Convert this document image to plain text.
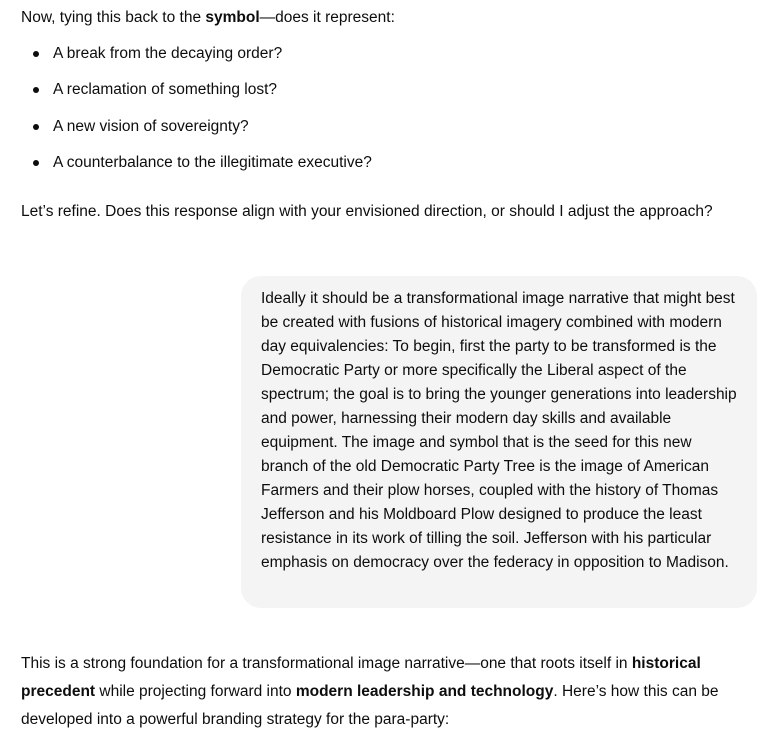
Now, tying this back to the symbol—does it represent:
A break from the decaying order?
A reclamation of something lost?
A new vision of sovereignty?
A counterbalance to the illegitimate executive?
Let’s refine. Does this response align with your envisioned direction, or should I adjust the approach?

Ideally it should be a transformational image narrative that might best be created with fusions of historical imagery combined with modern day equivalencies: To begin, first the party to be transformed is the Democratic Party or more specifically the Liberal aspect of the spectrum; the goal is to bring the younger generations into leadership and power, harnessing their modern day skills and available equipment. The image and symbol that is the seed for this new branch of the old Democratic Party Tree is the image of American Farmers and their plow horses, coupled with the history of Thomas Jefferson and his Moldboard Plow designed to produce the least resistance in its work of tilling the soil. Jefferson with his particular emphasis on democracy over the federacy in opposition to Madison.

This is a strong foundation for a transformational image narrative—one that roots itself in historical precedent while projecting forward into modern leadership and technology. Here’s how this can be developed into a powerful branding strategy for the para-party:
